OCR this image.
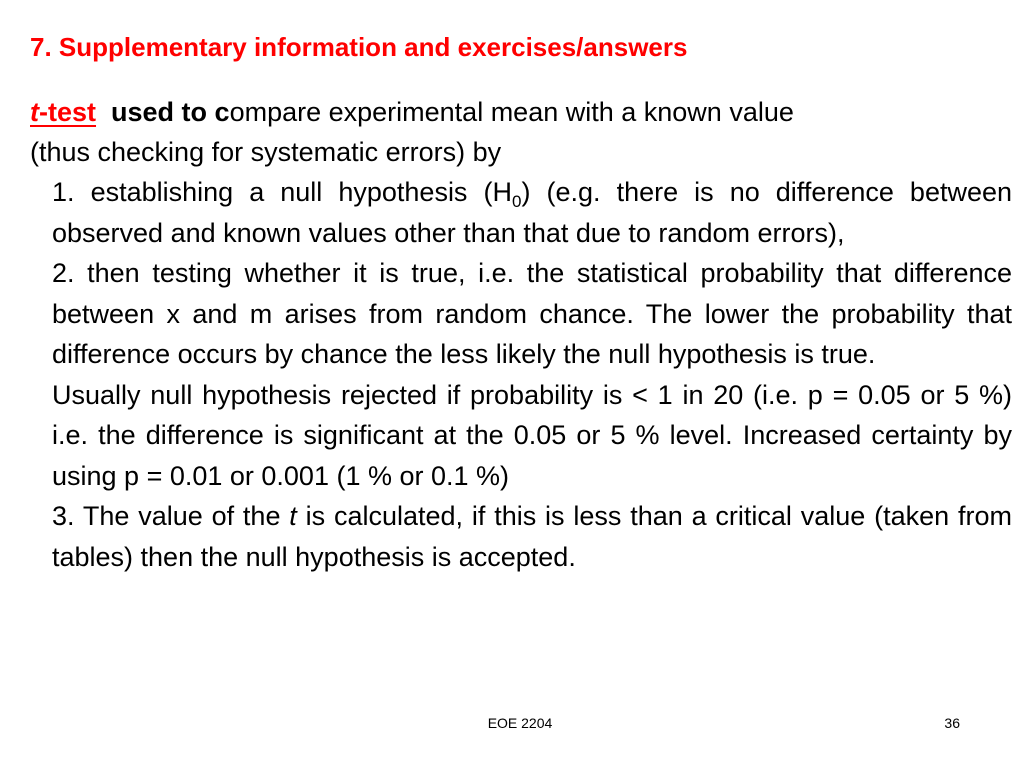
7. Supplementary information and exercises/answers
t-test used to compare experimental mean with a known value
(thus checking for systematic errors) by

1. establishing a null hypothesis $(H_0)$ (e.g. there is no difference between observed and known values other than that due to random errors),

2. then testing whether it is true, i.e. the statistical probability that difference between x and m arises from random chance. The lower the probability that difference occurs by chance the less likely the null hypothesis is true.

Usually null hypothesis rejected if probability is < 1 in 20 (i.e. p = 0.05 or 5 %) i.e. the difference is significant at the 0.05 or 5 % level. Increased certainty by using p = 0.01 or 0.001 (1 % or 0.1 %)

3. The value of the t is calculated, if this is less than a critical value (taken from tables) then the null hypothesis is accepted.

EOE 2204	36
